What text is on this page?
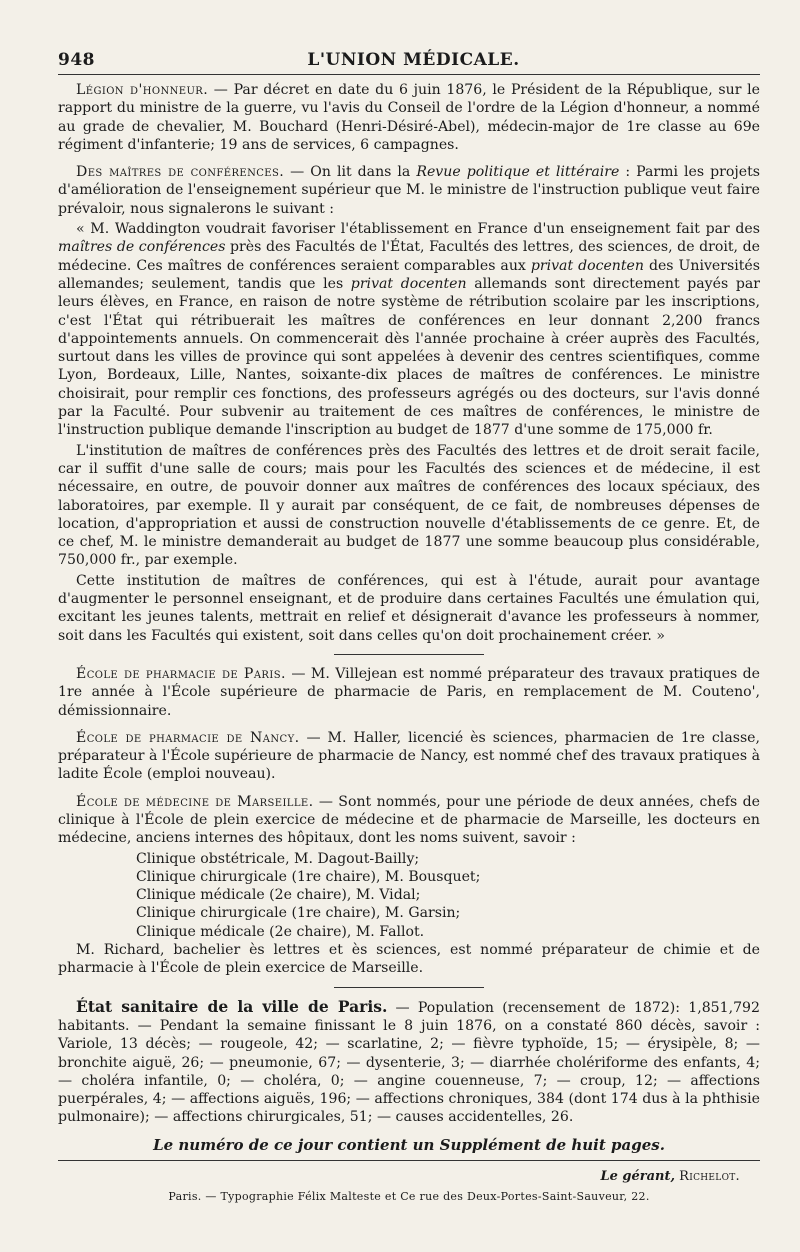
948	L'UNION MÉDICALE.

Légion d'honneur. — Par décret en date du 6 juin 1876, le Président de la République, sur le rapport du ministre de la guerre, vu l'avis du Conseil de l'ordre de la Légion d'honneur, a nommé au grade de chevalier, M. Bouchard (Henri-Désiré-Abel), médecin-major de 1re classe au 69e régiment d'infanterie; 19 ans de services, 6 campagnes.

Des maîtres de conférences. — On lit dans la Revue politique et littéraire : Parmi les projets d'amélioration de l'enseignement supérieur que M. le ministre de l'instruction publique veut faire prévaloir, nous signalerons le suivant :

« M. Waddington voudrait favoriser l'établissement en France d'un enseignement fait par des maîtres de conférences près des Facultés de l'État, Facultés des lettres, des sciences, de droit, de médecine. Ces maîtres de conférences seraient comparables aux privat docenten des Universités allemandes; seulement, tandis que les privat docenten allemands sont directement payés par leurs élèves, en France, en raison de notre système de rétribution scolaire par les inscriptions, c'est l'État qui rétribuerait les maîtres de conférences en leur donnant 2,200 francs d'appointements annuels. On commencerait dès l'année prochaine à créer auprès des Facultés, surtout dans les villes de province qui sont appelées à devenir des centres scientifiques, comme Lyon, Bordeaux, Lille, Nantes, soixante-dix places de maîtres de conférences. Le ministre choisirait, pour remplir ces fonctions, des professeurs agrégés ou des docteurs, sur l'avis donné par la Faculté. Pour subvenir au traitement de ces maîtres de conférences, le ministre de l'instruction publique demande l'inscription au budget de 1877 d'une somme de 175,000 fr.

L'institution de maîtres de conférences près des Facultés des lettres et de droit serait facile, car il suffit d'une salle de cours; mais pour les Facultés des sciences et de médecine, il est nécessaire, en outre, de pouvoir donner aux maîtres de conférences des locaux spéciaux, des laboratoires, par exemple. Il y aurait par conséquent, de ce fait, de nombreuses dépenses de location, d'appropriation et aussi de construction nouvelle d'établissements de ce genre. Et, de ce chef, M. le ministre demanderait au budget de 1877 une somme beaucoup plus considérable, 750,000 fr., par exemple.

Cette institution de maîtres de conférences, qui est à l'étude, aurait pour avantage d'augmenter le personnel enseignant, et de produire dans certaines Facultés une émulation qui, excitant les jeunes talents, mettrait en relief et désignerait d'avance les professeurs à nommer, soit dans les Facultés qui existent, soit dans celles qu'on doit prochainement créer. »

École de pharmacie de Paris. — M. Villejean est nommé préparateur des travaux pratiques de 1re année à l'École supérieure de pharmacie de Paris, en remplacement de M. Couteno', démissionnaire.

École de pharmacie de Nancy. — M. Haller, licencié ès sciences, pharmacien de 1re classe, préparateur à l'École supérieure de pharmacie de Nancy, est nommé chef des travaux pratiques à ladite École (emploi nouveau).

École de médecine de Marseille. — Sont nommés, pour une période de deux années, chefs de clinique à l'École de plein exercice de médecine et de pharmacie de Marseille, les docteurs en médecine, anciens internes des hôpitaux, dont les noms suivent, savoir :

Clinique obstétricale, M. Dagout-Bailly;
Clinique chirurgicale (1re chaire), M. Bousquet;
Clinique médicale (2e chaire), M. Vidal;
Clinique chirurgicale (1re chaire), M. Garsin;
Clinique médicale (2e chaire), M. Fallot.

M. Richard, bachelier ès lettres et ès sciences, est nommé préparateur de chimie et de pharmacie à l'École de plein exercice de Marseille.

État sanitaire de la ville de Paris. — Population (recensement de 1872): 1,851,792 habitants. — Pendant la semaine finissant le 8 juin 1876, on a constaté 860 décès, savoir : Variole, 13 décès; — rougeole, 42; — scarlatine, 2; — fièvre typhoïde, 15; — érysipèle, 8; — bronchite aiguë, 26; — pneumonie, 67; — dysenterie, 3; — diarrhée cholériforme des enfants, 4; — choléra infantile, 0; — choléra, 0; — angine couenneuse, 7; — croup, 12; — affections puerpérales, 4; — affections aiguës, 196; — affections chroniques, 384 (dont 174 dus à la phthisie pulmonaire); — affections chirurgicales, 51; — causes accidentelles, 26.

Le numéro de ce jour contient un Supplément de huit pages.
Le gérant, Richelot.
Paris. — Typographie Félix Malteste et Ce rue des Deux-Portes-Saint-Sauveur, 22.
